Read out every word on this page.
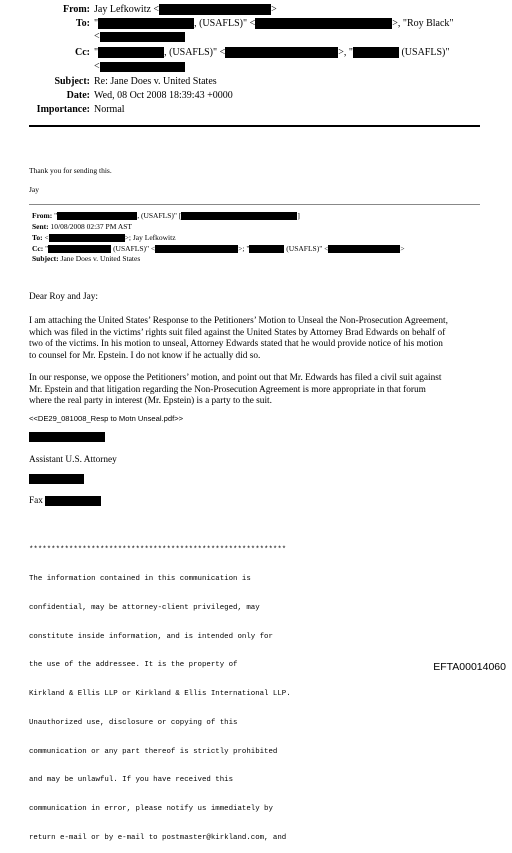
From: Jay Lefkowitz <	>
To: "	, (USAFLS)" <	>, "Roy Black"
<
Cc: "	, (USAFLS)" <	>, "	(USAFLS)"
<
Subject: Re: Jane Does v. United States
Date: Wed, 08 Oct 2008 18:39:43 +0000
Importance: Normal
Thank you for sending this.
Jay
From: "	, (USAFLS)" [	]
Sent: 10/08/2008 02:37 PM AST
To: <	>; Jay Lefkowitz
Cc: "	(USAFLS)" <	>; "	(USAFLS)" <	>
Subject: Jane Does v. United States
Dear Roy and Jay:
I am attaching the United States’ Response to the Petitioners’ Motion to Unseal the Non-Prosecution Agreement,
which was filed in the victims’ rights suit filed against the United States by Attorney Brad Edwards on behalf of
two of the victims. In his motion to unseal, Attorney Edwards stated that he would provide notice of his motion
to counsel for Mr. Epstein. I do not know if he actually did so.
In our response, we oppose the Petitioners’ motion, and point out that Mr. Edwards has filed a civil suit against
Mr. Epstein and that litigation regarding the Non-Prosecution Agreement is more appropriate in that forum
where the real party in interest (Mr. Epstein) is a party to the suit.
<<DE29_081008_Resp to Motn Unseal.pdf>>
Assistant U.S. Attorney
Fax

**********************************************************

The information contained in this communication is

confidential, may be attorney-client privileged, may

constitute inside information, and is intended only for

the use of the addressee. It is the property of

Kirkland & Ellis LLP or Kirkland & Ellis International LLP.

Unauthorized use, disclosure or copying of this

communication or any part thereof is strictly prohibited

and may be unlawful. If you have received this

communication in error, please notify us immediately by

return e-mail or by e-mail to postmaster@kirkland.com, and

EFTA00014060
